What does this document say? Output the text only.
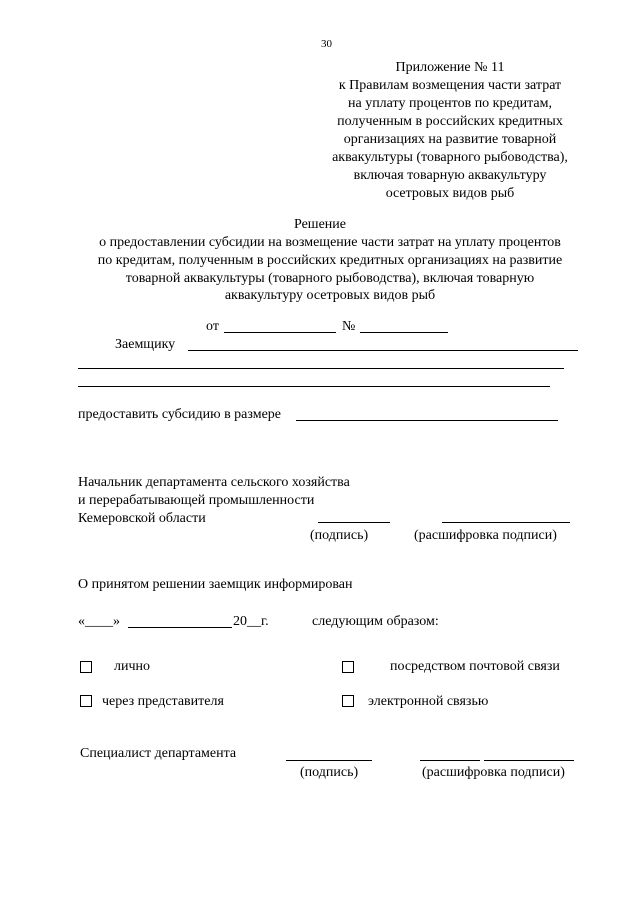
30
Приложение № 11
к Правилам возмещения части затрат
на уплату процентов по кредитам,
полученным в российских кредитных
организациях на развитие товарной
аквакультуры (товарного рыбоводства),
включая товарную аквакультуру
осетровых видов рыб
Решение
о предоставлении субсидии на возмещение части затрат на уплату процентов
по кредитам, полученным в российских кредитных организациях на развитие
товарной аквакультуры (товарного рыбоводства), включая товарную
аквакультуру осетровых видов рыб
от	№
Заемщику
предоставить субсидию в размере
Начальник департамента сельского хозяйства
и перерабатывающей промышленности
Кемеровской области
(подпись)	(расшифровка подписи)
О принятом решении заемщик информирован
«____»	20__г.	следующим образом:
лично	посредством почтовой связи
через представителя	электронной связью
Специалист департамента
(подпись)	(расшифровка подписи)
